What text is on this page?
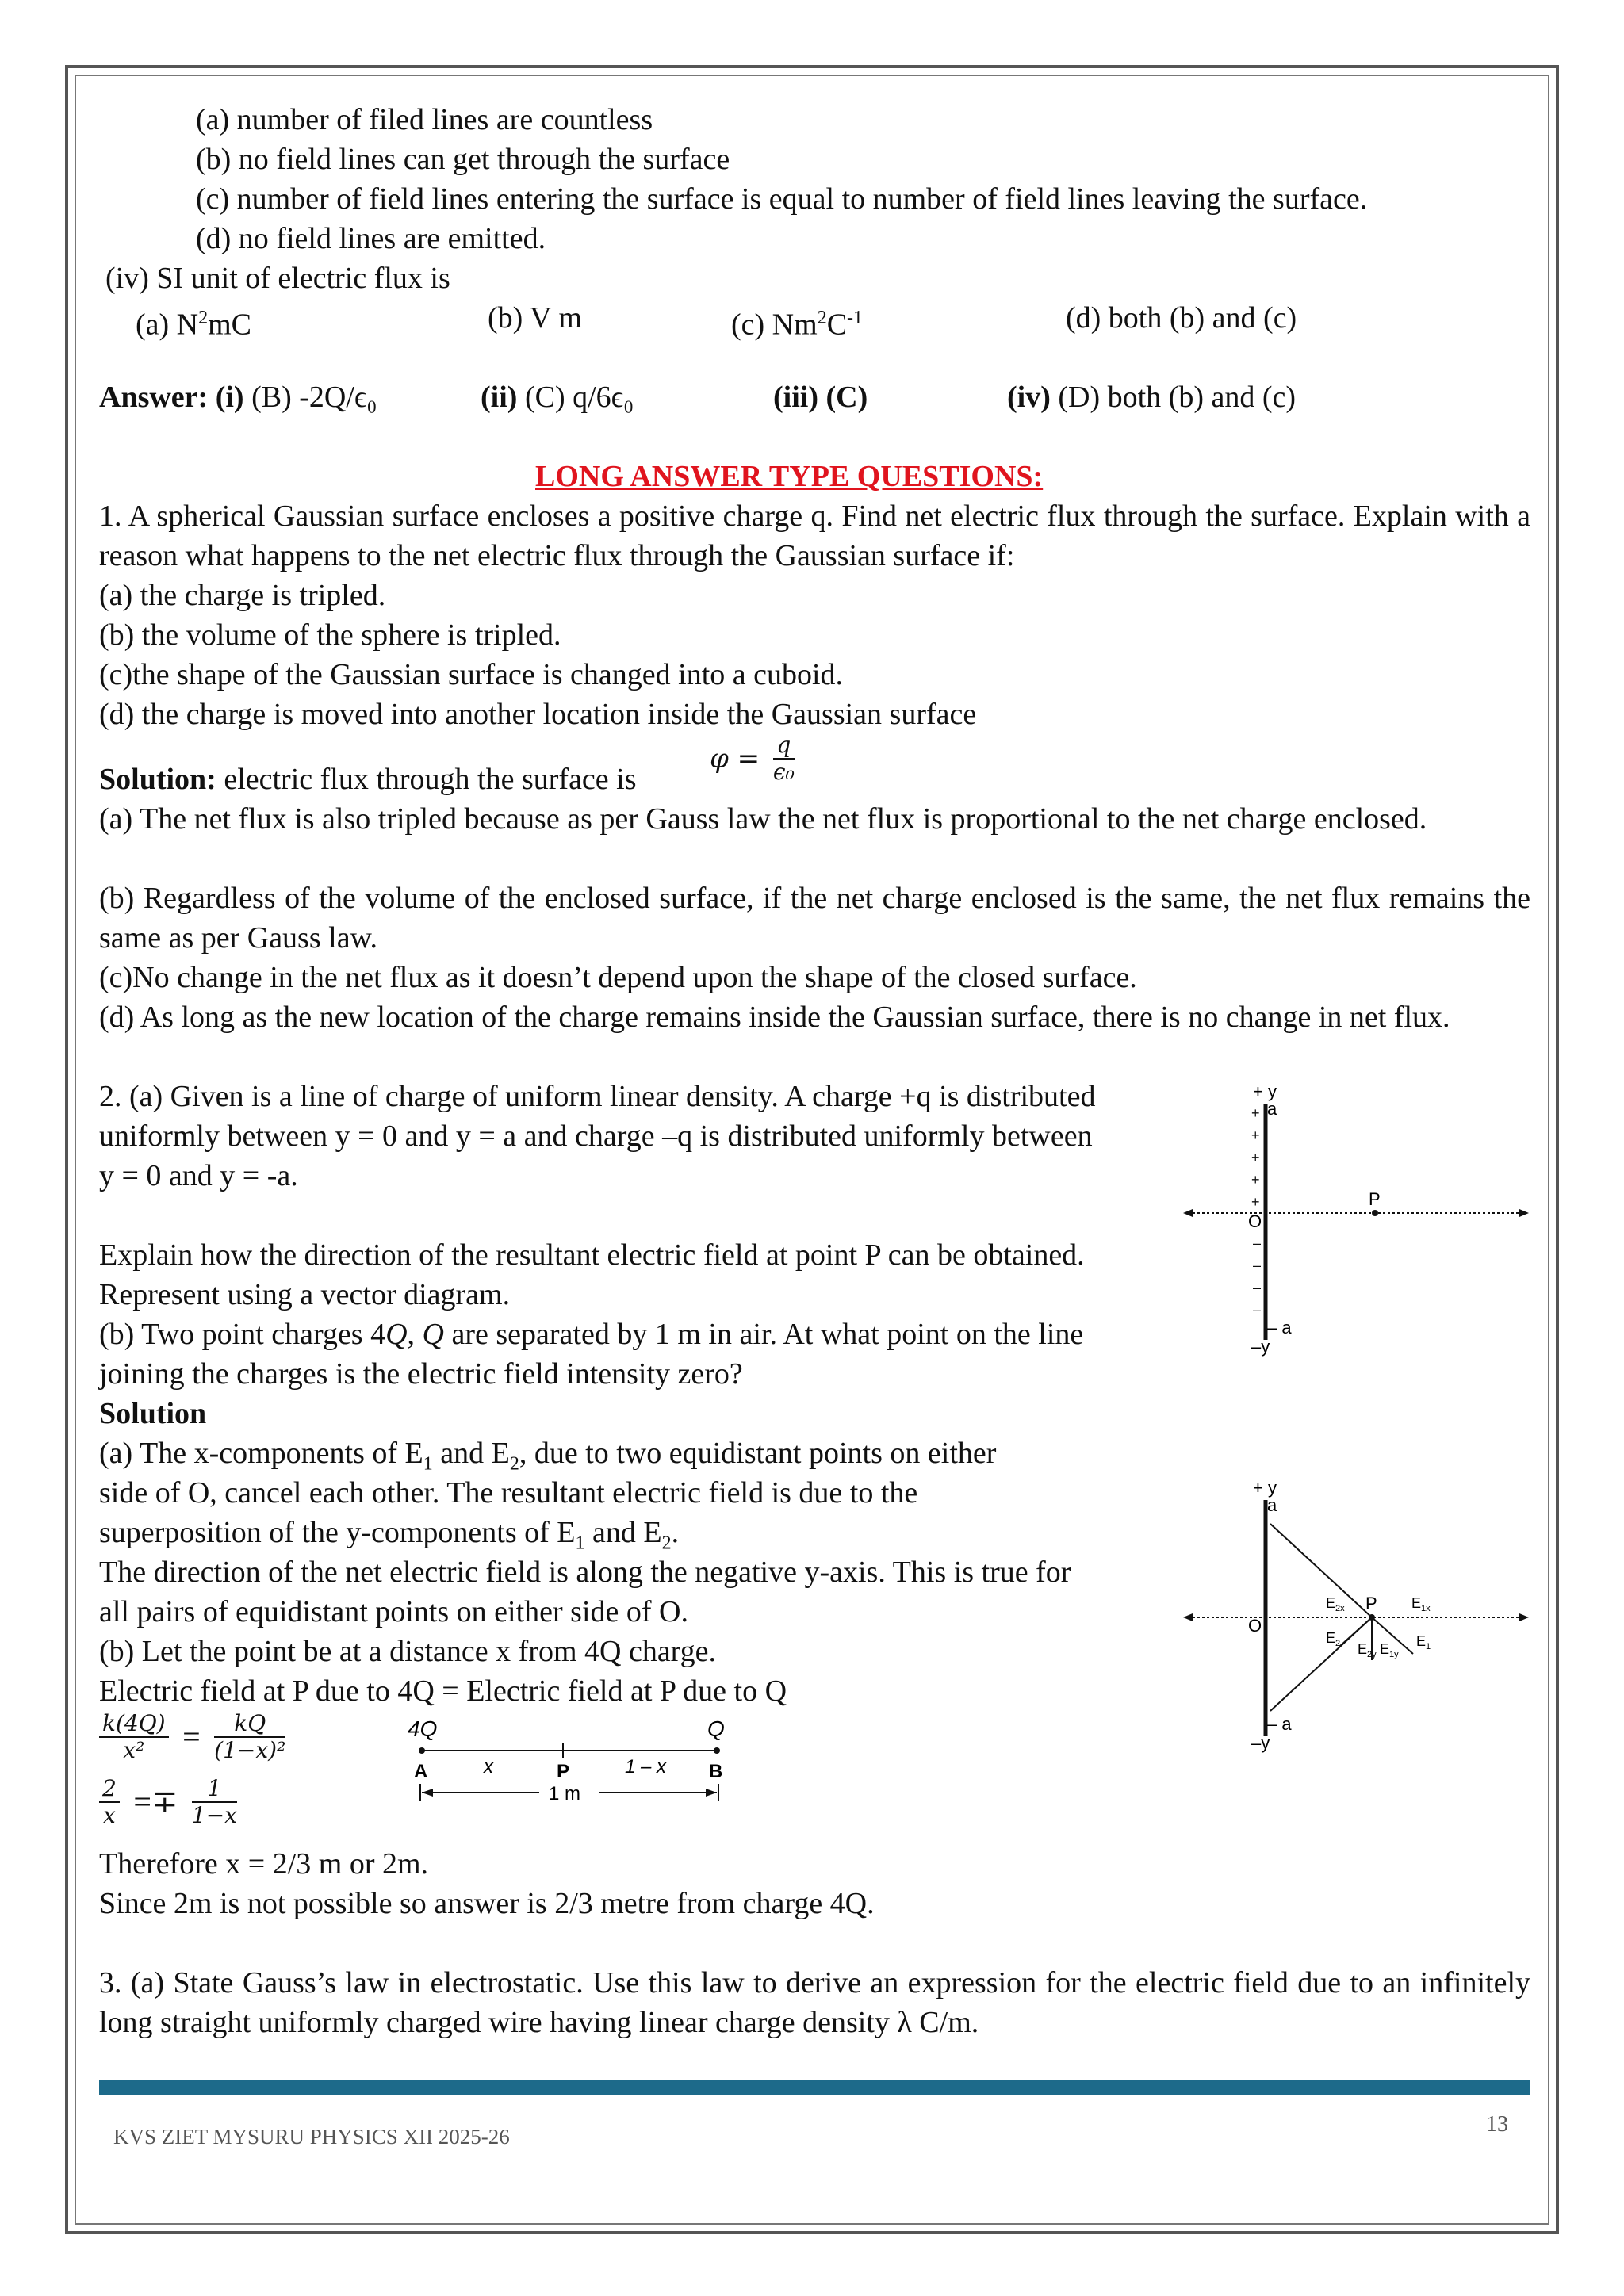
(a) number of filed lines are countless
(b) no field lines can get through the surface
(c) number of field lines entering the surface is equal to number of field lines leaving the surface.
(d) no field lines are emitted.
(iv) SI unit of electric flux is
(a) $N^2mC$	(b) V m	(c) $Nm^2C^{-1}$	(d) both (b) and (c)
Answer: (i) (B) -2Q/ϵ₀	(ii) (C) q/6ϵ₀	(iii) (C)	(iv) (D) both (b) and (c)
LONG ANSWER TYPE QUESTIONS:
1. A spherical Gaussian surface encloses a positive charge q. Find net electric flux through the surface. Explain with a reason what happens to the net electric flux through the Gaussian surface if:
(a) the charge is tripled.
(b) the volume of the sphere is tripled.
(c)the shape of the Gaussian surface is changed into a cuboid.
(d) the charge is moved into another location inside the Gaussian surface
Solution: electric flux through the surface is
$\varphi = \frac{q}{\text{ϵ₀}}$
(a) The net flux is also tripled because as per Gauss law the net flux is proportional to the net charge enclosed.
(b) Regardless of the volume of the enclosed surface, if the net charge enclosed is the same, the net flux remains the same as per Gauss law.
(c)No change in the net flux as it doesn’t depend upon the shape of the closed surface.
(d) As long as the new location of the charge remains inside the Gaussian surface, there is no change in net flux.
2. (a) Given is a line of charge of uniform linear density. A charge +q is distributed
uniformly between y = 0 and y = a and charge –q is distributed uniformly between
y = 0 and y = -a.
Explain how the direction of the resultant electric field at point P can be obtained.
Represent using a vector diagram.
(b) Two point charges 4Q, Q are separated by 1 m in air. At what point on the line
joining the charges is the electric field intensity zero?
Solution
(a) The x-components of $E_1$ and $E_2$, due to two equidistant points on either
side of O, cancel each other. The resultant electric field is due to the
superposition of the y-components of $E_1$ and $E_2$.
The direction of the net electric field is along the negative y-axis. This is true for
all pairs of equidistant points on either side of O.
(b) Let the point be at a distance x from 4Q charge.
Electric field at P due to 4Q = Electric field at P due to Q
$\frac{k(4Q)}{\text{x²}} = \frac{kQ}{\text{(1−x)²}}$
$\frac{2}{x} =\mp \frac{1}{1-x}$
Therefore x = 2/3 m or 2m.
Since 2m is not possible so answer is 2/3 metre from charge 4Q.
3. (a) State Gauss’s law in electrostatic. Use this law to derive an expression for the electric field due to an infinitely long straight uniformly charged wire having linear charge density λ C/m.
+ y
a
+
+
+
+
+
–
–
–
–
O
P
– a
–y
+ y
a
P
O
$E_{2x}$	$E_{1x}$
$E_2$	$E_1$
$E_{2y}$ $E_{1y}$
– a
–y
4Q	Q
A	x	P	1 – x B
1 m
KVS ZIET MYSURU PHYSICS XII 2025-26	13
